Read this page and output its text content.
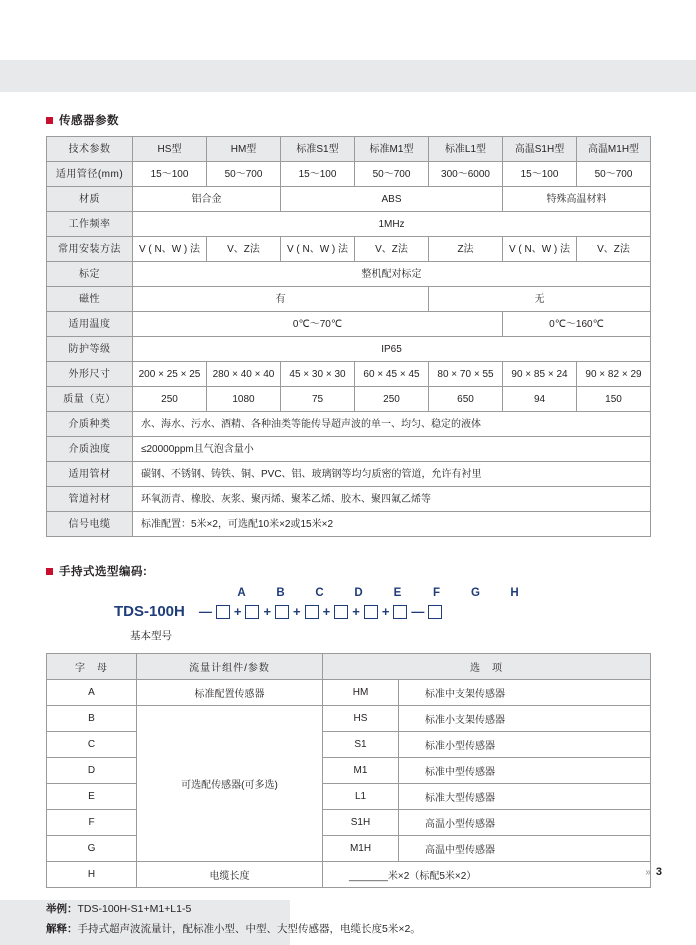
传感器参数
技术参数	HS型	HM型	标准S1型	标准M1型	标准L1型	高温S1H型	高温M1H型
适用管径(mm)	15～100	50～700	15～100	50～700	300～6000	15～100	50～700
材质	铝合金		ABS			特殊高温材料	
工作频率	1MHz						
常用安装方法	V ( N、W ) 法	V、Z法	V ( N、W ) 法	V、Z法	Z法	V ( N、W ) 法	V、Z法
标定	整机配对标定						
磁性	有				无		
适用温度	0℃～70℃					0℃～160℃	
防护等级	IP65						
外形尺寸	200 × 25 × 25	280 × 40 × 40	45 × 30 × 30	60 × 45 × 45	80 × 70 × 55	90 × 85 × 24	90 × 82 × 29
质量（克）	250	1080	75	250	650	94	150
介质种类	水、海水、污水、酒精、各种油类等能传导超声波的单一、均匀、稳定的液体						
介质浊度	≤20000ppm且气泡含量小						
适用管材	碳钢、不锈钢、铸铁、铜、PVC、铝、玻璃钢等均匀质密的管道，允许有衬里						
管道衬材	环氧沥青、橡胶、灰浆、聚丙烯、聚苯乙烯、胶木、聚四氟乙烯等						
信号电缆	标准配置：5米×2，可选配10米×2或15米×2						
手持式选型编码:
A	B	C	D	E	F	G	H
TDS-100H — + + + + + + —
基本型号
字　母	流量计组件/参数	选　项	
A	标准配置传感器	HM	标准中支架传感器
B	可选配传感器(可多选)	HS	标准小支架传感器
C		S1	标准小型传感器
D		M1	标准中型传感器
E		L1	标准大型传感器
F		S1H	高温小型传感器
G		M1H	高温中型传感器
H	电缆长度	_______米×2（标配5米×2）	
举例：TDS-100H-S1+M1+L1-5
解释：手持式超声波流量计，配标准小型、中型、大型传感器，电缆长度5米×2。
›› 3
